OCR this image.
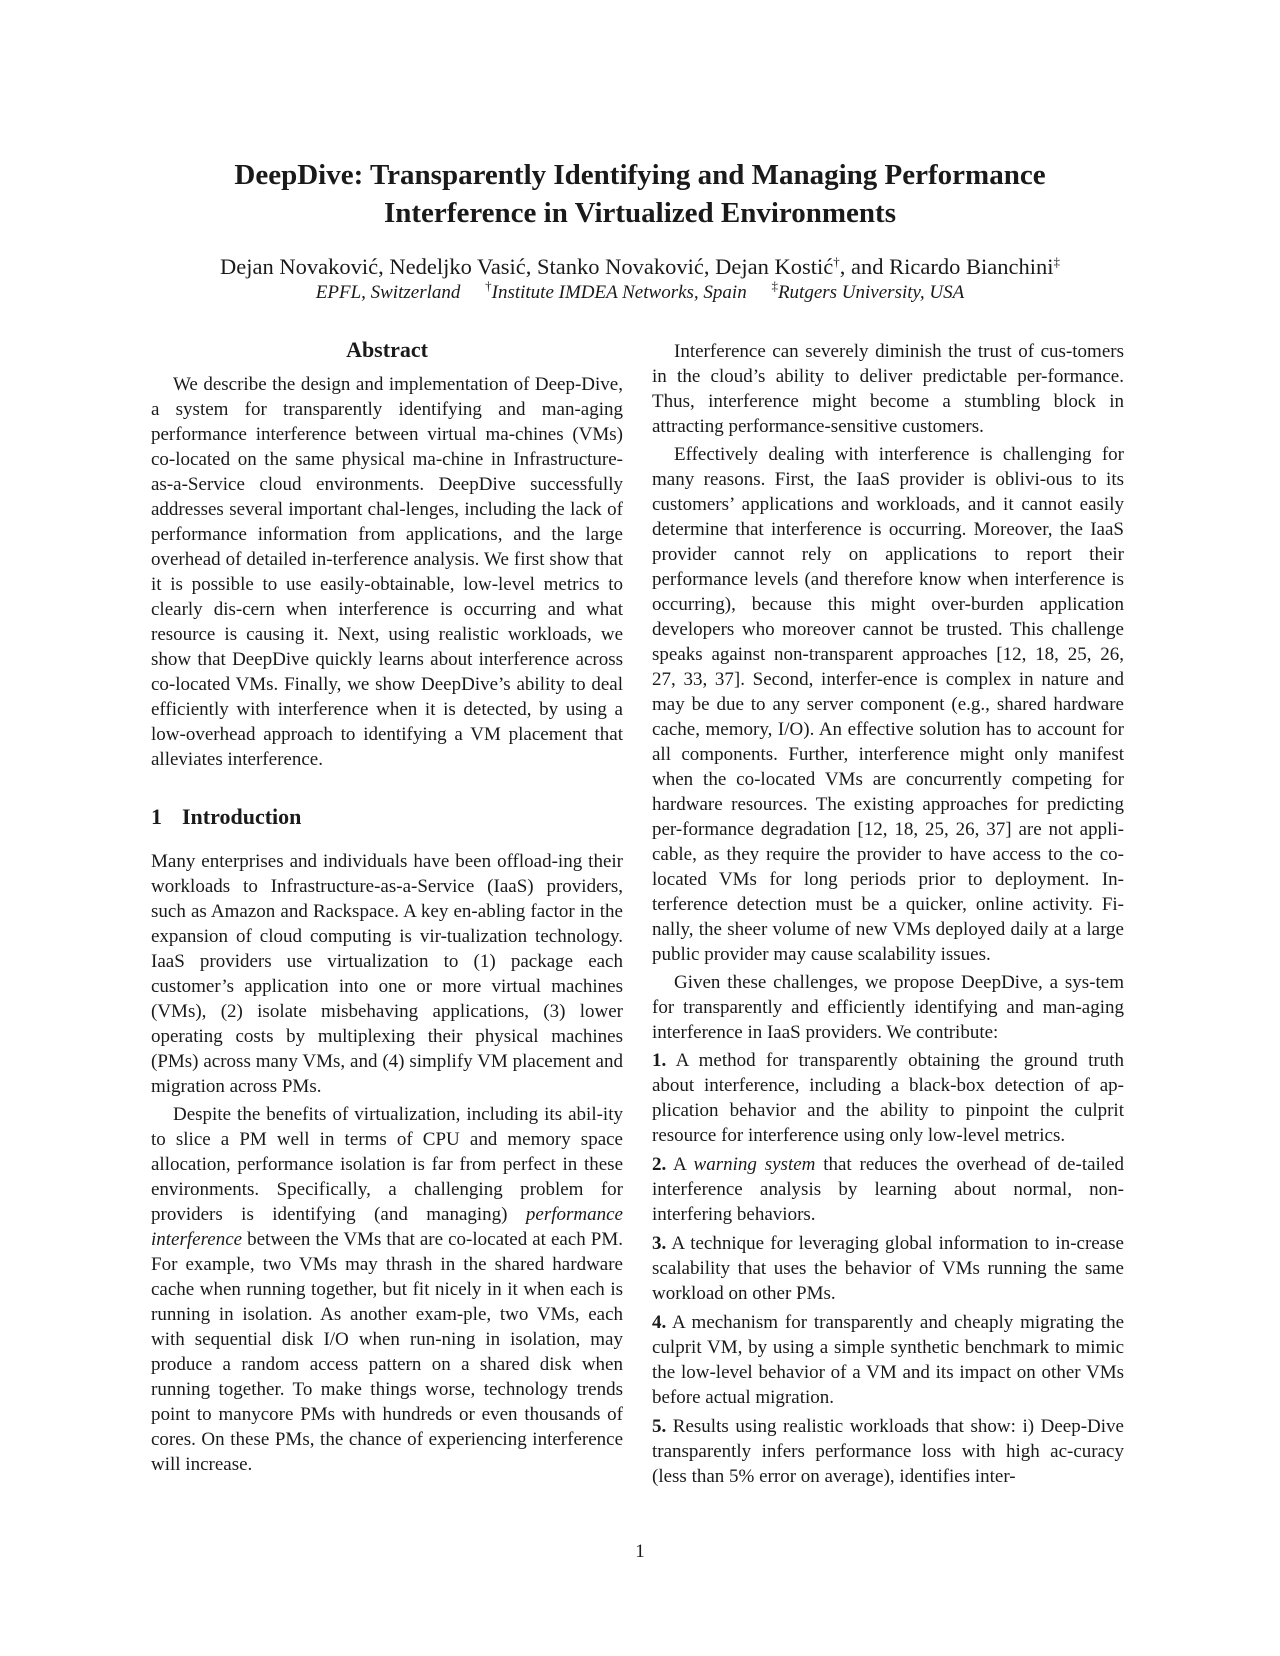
DeepDive: Transparently Identifying and Managing Performance
Interference in Virtualized Environments
Dejan Novaković, Nedeljko Vasić, Stanko Novaković, Dejan Kostić†, and Ricardo Bianchini‡
EPFL, Switzerland †Institute IMDEA Networks, Spain ‡Rutgers University, USA
Abstract

We describe the design and implementation of Deep-Dive, a system for transparently identifying and man-aging performance interference between virtual ma-chines (VMs) co-located on the same physical ma-chine in Infrastructure-as-a-Service cloud environments. DeepDive successfully addresses several important chal-lenges, including the lack of performance information from applications, and the large overhead of detailed in-terference analysis. We first show that it is possible to use easily-obtainable, low-level metrics to clearly dis-cern when interference is occurring and what resource is causing it. Next, using realistic workloads, we show that DeepDive quickly learns about interference across co-located VMs. Finally, we show DeepDive’s ability to deal efficiently with interference when it is detected, by using a low-overhead approach to identifying a VM placement that alleviates interference.

1 Introduction

Many enterprises and individuals have been offload-ing their workloads to Infrastructure-as-a-Service (IaaS) providers, such as Amazon and Rackspace. A key en-abling factor in the expansion of cloud computing is vir-tualization technology. IaaS providers use virtualization to (1) package each customer’s application into one or more virtual machines (VMs), (2) isolate misbehaving applications, (3) lower operating costs by multiplexing their physical machines (PMs) across many VMs, and (4) simplify VM placement and migration across PMs.

Despite the benefits of virtualization, including its abil-ity to slice a PM well in terms of CPU and memory space allocation, performance isolation is far from perfect in these environments. Specifically, a challenging problem for providers is identifying (and managing) performance interference between the VMs that are co-located at each PM. For example, two VMs may thrash in the shared hardware cache when running together, but fit nicely in it when each is running in isolation. As another exam-ple, two VMs, each with sequential disk I/O when run-ning in isolation, may produce a random access pattern on a shared disk when running together. To make things worse, technology trends point to manycore PMs with hundreds or even thousands of cores. On these PMs, the chance of experiencing interference will increase.

Interference can severely diminish the trust of cus-tomers in the cloud’s ability to deliver predictable per-formance. Thus, interference might become a stumbling block in attracting performance-sensitive customers.

Effectively dealing with interference is challenging for many reasons. First, the IaaS provider is oblivi-ous to its customers’ applications and workloads, and it cannot easily determine that interference is occurring. Moreover, the IaaS provider cannot rely on applications to report their performance levels (and therefore know when interference is occurring), because this might over-burden application developers who moreover cannot be trusted. This challenge speaks against non-transparent approaches [12, 18, 25, 26, 27, 33, 37]. Second, interfer-ence is complex in nature and may be due to any server component (e.g., shared hardware cache, memory, I/O). An effective solution has to account for all components. Further, interference might only manifest when the co-located VMs are concurrently competing for hardware resources. The existing approaches for predicting per-formance degradation [12, 18, 25, 26, 37] are not appli-cable, as they require the provider to have access to the co-located VMs for long periods prior to deployment. In-terference detection must be a quicker, online activity. Fi-nally, the sheer volume of new VMs deployed daily at a large public provider may cause scalability issues.

Given these challenges, we propose DeepDive, a sys-tem for transparently and efficiently identifying and man-aging interference in IaaS providers. We contribute:

1. A method for transparently obtaining the ground truth about interference, including a black-box detection of ap-plication behavior and the ability to pinpoint the culprit resource for interference using only low-level metrics.

2. A warning system that reduces the overhead of de-tailed interference analysis by learning about normal, non-interfering behaviors.

3. A technique for leveraging global information to in-crease scalability that uses the behavior of VMs running the same workload on other PMs.

4. A mechanism for transparently and cheaply migrating the culprit VM, by using a simple synthetic benchmark to mimic the low-level behavior of a VM and its impact on other VMs before actual migration.

5. Results using realistic workloads that show: i) Deep-Dive transparently infers performance loss with high ac-curacy (less than 5% error on average), identifies inter-

1
